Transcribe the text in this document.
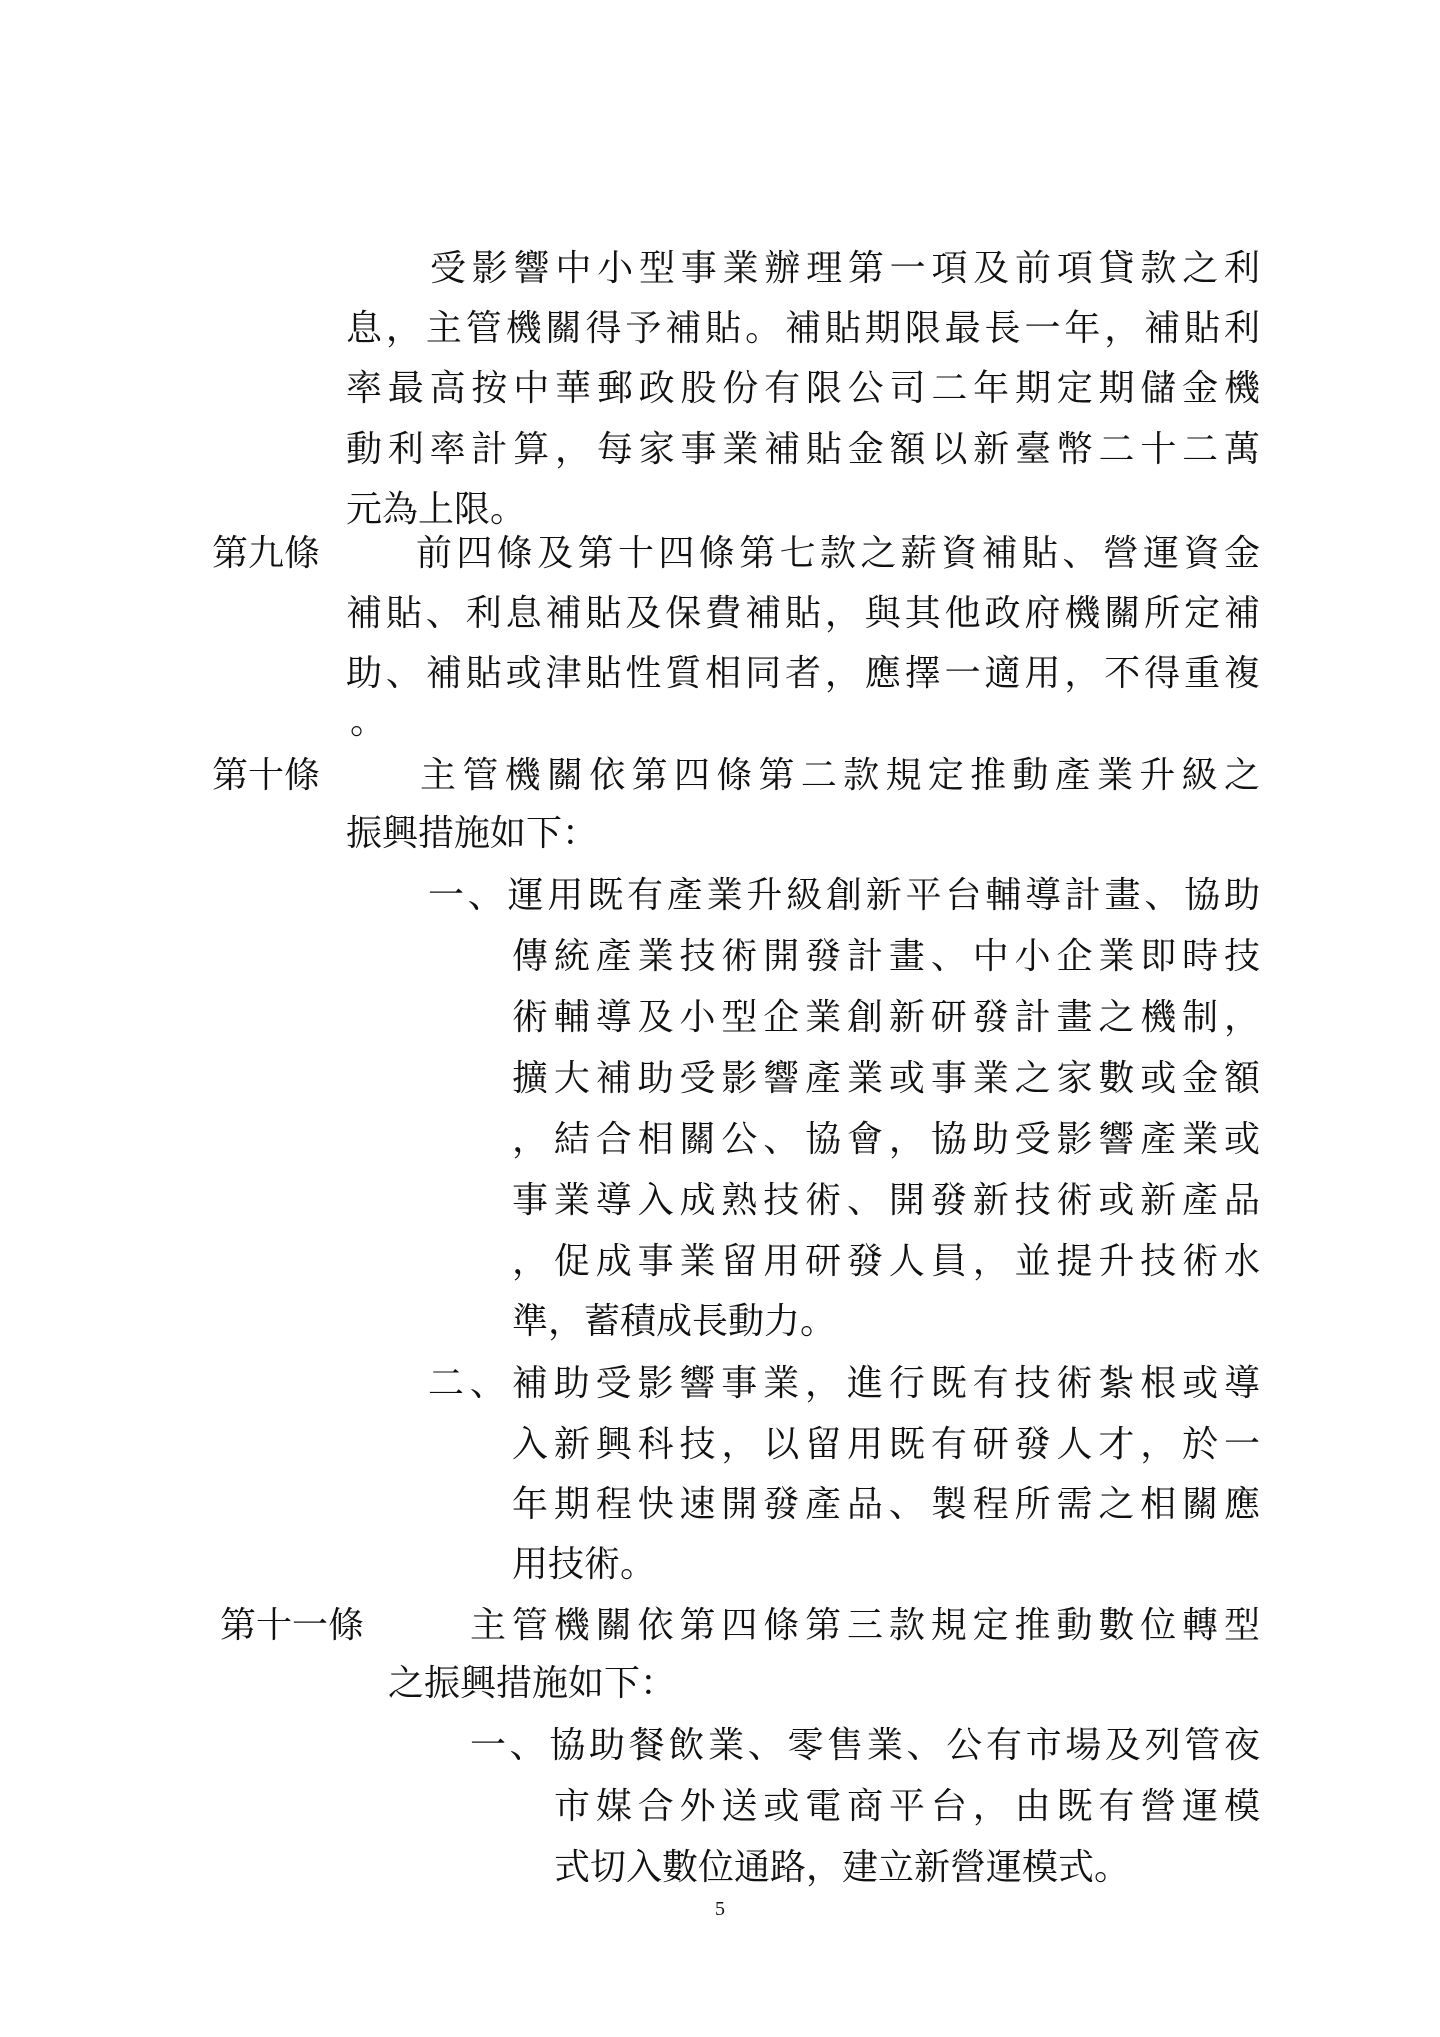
受影響中小型事業辦理第一項及前項貸款之利
息，主管機關得予補貼。補貼期限最長一年，補貼利
率最高按中華郵政股份有限公司二年期定期儲金機
動利率計算，每家事業補貼金額以新臺幣二十二萬
元為上限。
第九條	前四條及第十四條第七款之薪資補貼、營運資金
補貼、利息補貼及保費補貼，與其他政府機關所定補
助、補貼或津貼性質相同者，應擇一適用，不得重複
。
第十條	主管機關依第四條第二款規定推動產業升級之
振興措施如下：
一、運用既有產業升級創新平台輔導計畫、協助
傳統產業技術開發計畫、中小企業即時技
術輔導及小型企業創新研發計畫之機制，
擴大補助受影響產業或事業之家數或金額
，結合相關公、協會，協助受影響產業或
事業導入成熟技術、開發新技術或新產品
，促成事業留用研發人員，並提升技術水
準，蓄積成長動力。
二、補助受影響事業，進行既有技術紮根或導
入新興科技，以留用既有研發人才，於一
年期程快速開發產品、製程所需之相關應
用技術。
第十一條	主管機關依第四條第三款規定推動數位轉型
之振興措施如下：
一、協助餐飲業、零售業、公有市場及列管夜
市媒合外送或電商平台，由既有營運模
式切入數位通路，建立新營運模式。
5
